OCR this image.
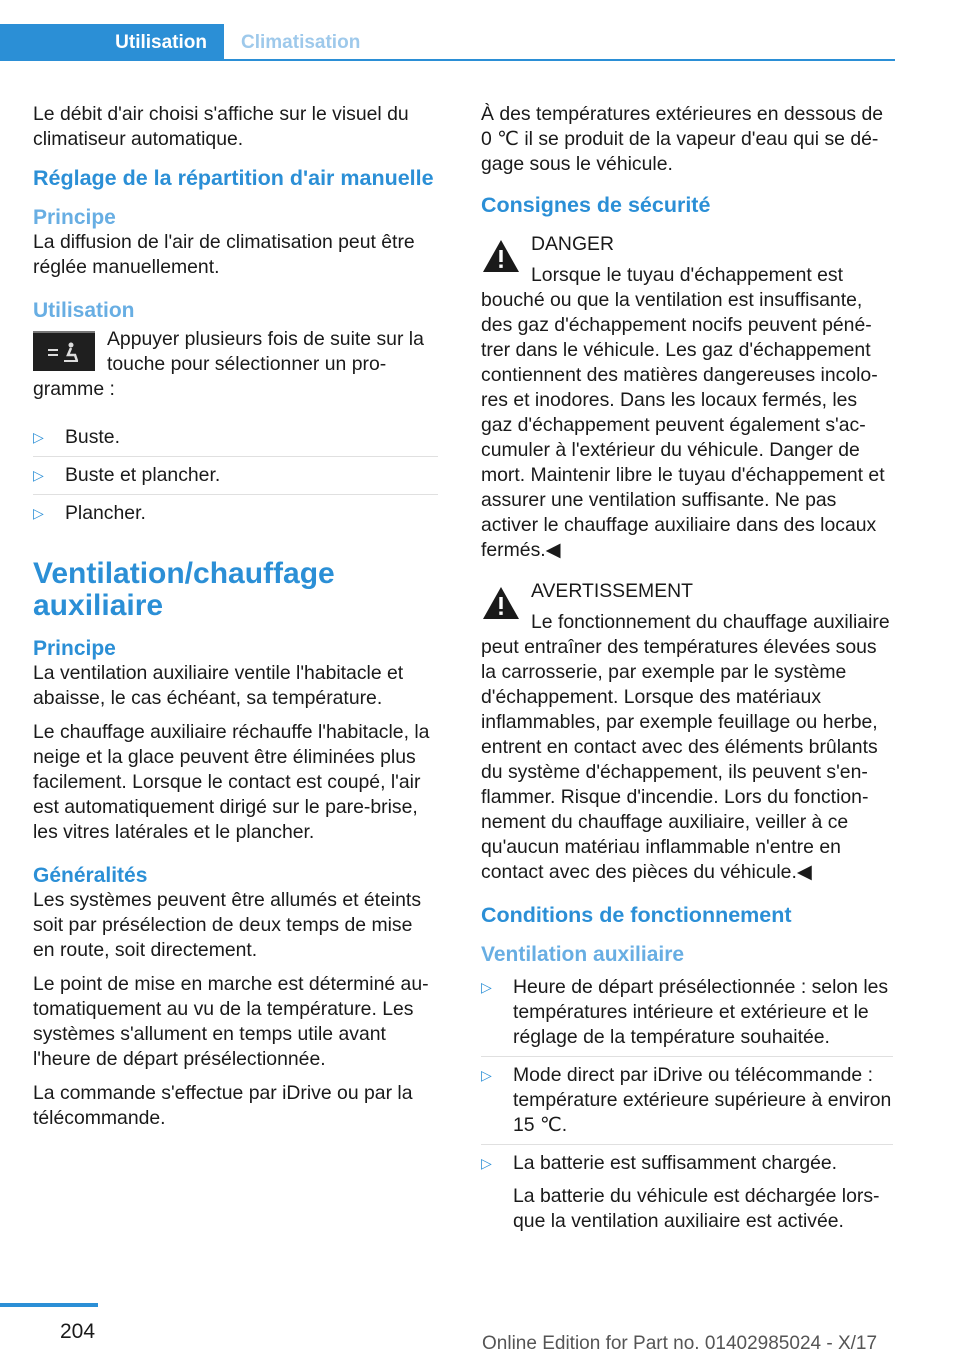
Utilisation	Climatisation

Le débit d'air choisi s'affiche sur le visuel du climatiseur automatique.

Réglage de la répartition d'air manuelle
Principe

La diffusion de l'air de climatisation peut être réglée manuellement.

Utilisation

Appuyer plusieurs fois de suite sur la touche pour sélectionner un programme :

▷ Buste.
▷ Buste et plancher.
▷ Plancher.
Ventilation/chauffage auxiliaire
Principe

La ventilation auxiliaire ventile l'habitacle et abaisse, le cas échéant, sa température.

Le chauffage auxiliaire réchauffe l'habitacle, la neige et la glace peuvent être éliminées plus facilement. Lorsque le contact est coupé, l'air est automatiquement dirigé sur le pare-brise, les vitres latérales et le plancher.

Généralités

Les systèmes peuvent être allumés et éteints soit par présélection de deux temps de mise en route, soit directement.

Le point de mise en marche est déterminé automatiquement au vu de la température. Les systèmes s'allument en temps utile avant l'heure de départ présélectionnée.

La commande s'effectue par iDrive ou par la télécommande.

À des températures extérieures en dessous de 0 ℃ il se produit de la vapeur d'eau qui se dégage sous le véhicule.

Consignes de sécurité
DANGER
Lorsque le tuyau d'échappement est bouché ou que la ventilation est insuffisante, des gaz d'échappement nocifs peuvent pénétrer dans le véhicule. Les gaz d'échappement contiennent des matières dangereuses incolores et inodores. Dans les locaux fermés, les gaz d'échappement peuvent également s'accumuler à l'extérieur du véhicule. Danger de mort. Maintenir libre le tuyau d'échappement et assurer une ventilation suffisante. Ne pas activer le chauffage auxiliaire dans des locaux fermés.◀
AVERTISSEMENT
Le fonctionnement du chauffage auxiliaire peut entraîner des températures élevées sous la carrosserie, par exemple par le système d'échappement. Lorsque des matériaux inflammables, par exemple feuillage ou herbe, entrent en contact avec des éléments brûlants du système d'échappement, ils peuvent s'enflammer. Risque d'incendie. Lors du fonctionnement du chauffage auxiliaire, veiller à ce qu'aucun matériau inflammable n'entre en contact avec des pièces du véhicule.◀
Conditions de fonctionnement
Ventilation auxiliaire
▷ Heure de départ présélectionnée : selon les températures intérieure et extérieure et le réglage de la température souhaitée.
▷ Mode direct par iDrive ou télécommande : température extérieure supérieure à environ 15 ℃.
▷ La batterie est suffisamment chargée.
La batterie du véhicule est déchargée lorsque la ventilation auxiliaire est activée.
204
Online Edition for Part no. 01402985024 - X/17
